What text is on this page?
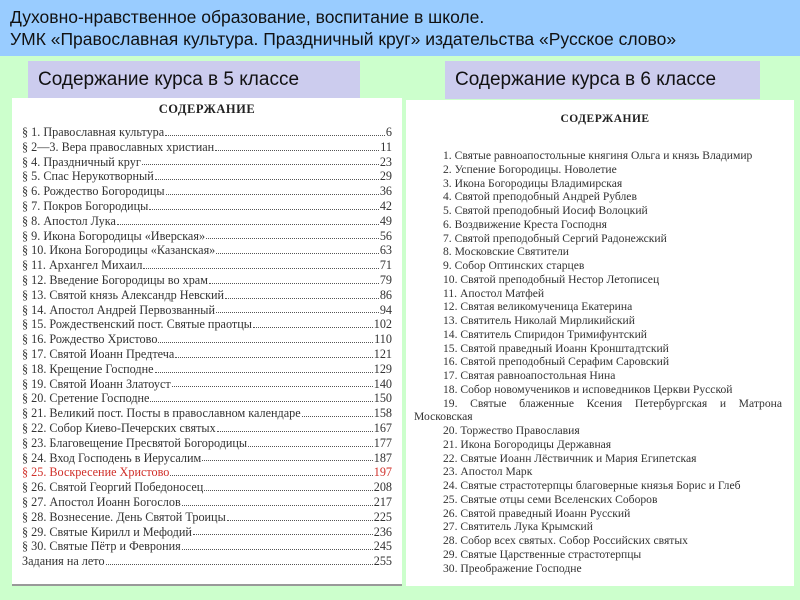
Духовно-нравственное образование, воспитание в школе.
УМК «Православная культура. Праздничный круг» издательства «Русское слово»
Содержание курса в 5 классе	Содержание курса в 6 классе
СОДЕРЖАНИЕ
§ 1. Православная культура	6
§ 2—3. Вера православных христиан	11
§ 4. Праздничный круг	23
§ 5. Спас Нерукотворный	29
§ 6. Рождество Богородицы	36
§ 7. Покров Богородицы	42
§ 8. Апостол Лука	49
§ 9. Икона Богородицы «Иверская»	56
§ 10. Икона Богородицы «Казанская»	63
§ 11. Архангел Михаил	71
§ 12. Введение Богородицы во храм	79
§ 13. Святой князь Александр Невский	86
§ 14. Апостол Андрей Первозванный	94
§ 15. Рождественский пост. Святые праотцы	102
§ 16. Рождество Христово	110
§ 17. Святой Иоанн Предтеча	121
§ 18. Крещение Господне	129
§ 19. Святой Иоанн Златоуст	140
§ 20. Сретение Господне	150
§ 21. Великий пост. Посты в православном календаре	158
§ 22. Собор Киево-Печерских святых	167
§ 23. Благовещение Пресвятой Богородицы	177
§ 24. Вход Господень в Иерусалим	187
§ 25. Воскресение Христово	197
§ 26. Святой Георгий Победоносец	208
§ 27. Апостол Иоанн Богослов	217
§ 28. Вознесение. День Святой Троицы	225
§ 29. Святые Кирилл и Мефодий	236
§ 30. Святые Пётр и Феврония	245
Задания на лето	255
СОДЕРЖАНИЕ
1. Святые равноапостольные княгиня Ольга и князь Владимир
2. Успение Богородицы. Новолетие
3. Икона Богородицы Владимирская
4. Святой преподобный Андрей Рублев
5. Святой преподобный Иосиф Волоцкий
6. Воздвижение Креста Господня
7. Святой преподобный Сергий Радонежский
8. Московские Святители
9. Собор Оптинских старцев
10. Святой преподобный Нестор Летописец
11. Апостол Матфей
12. Святая великомученица Екатерина
13. Святитель Николай Мирликийский
14. Святитель Спиридон Тримифунтский
15. Святой праведный Иоанн Кронштадтский
16. Святой преподобный Серафим Саровский
17. Святая равноапостольная Нина
18. Собор новомучеников и исповедников Церкви Русской
19. Святые блаженные Ксения Петербургская и Матрона Московская
20. Торжество Православия
21. Икона Богородицы Державная
22. Святые Иоанн Лёствичник и Мария Египетская
23. Апостол Марк
24. Святые страстотерпцы благоверные князья Борис и Глеб
25. Святые отцы семи Вселенских Соборов
26. Святой праведный Иоанн Русский
27. Святитель Лука Крымский
28. Собор всех святых. Собор Российских святых
29. Святые Царственные страстотерпцы
30. Преображение Господне
